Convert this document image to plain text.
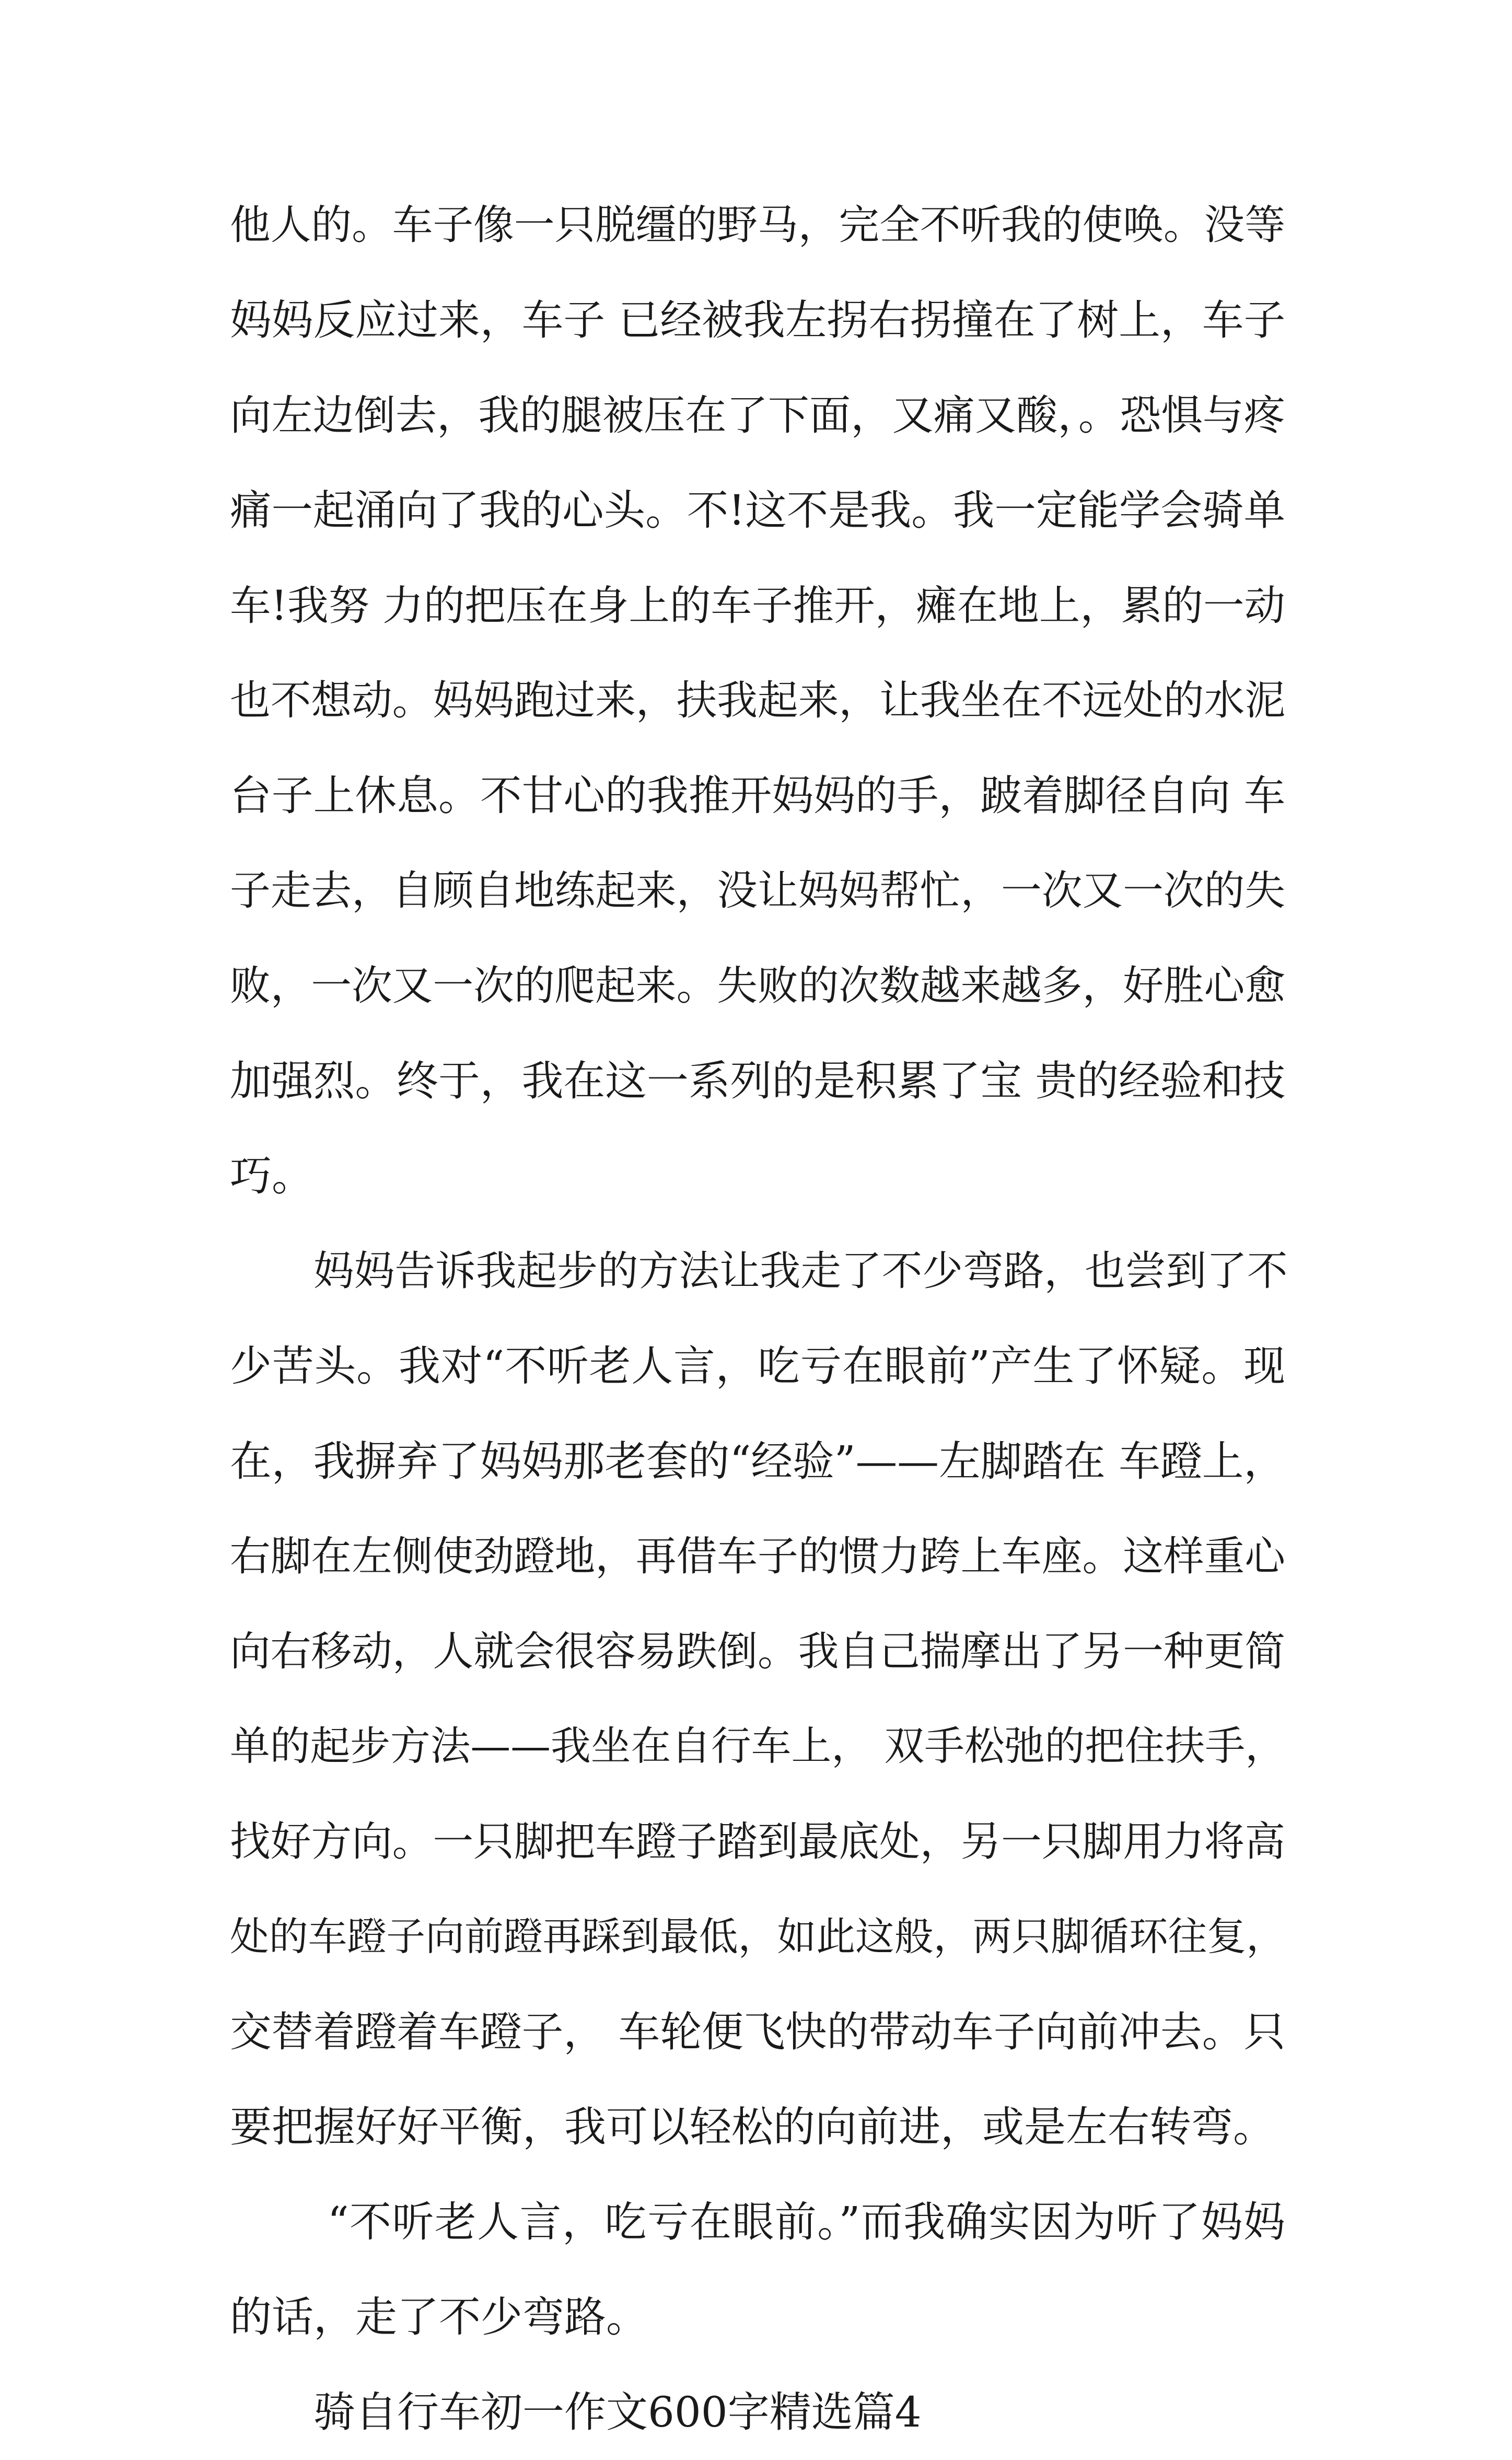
他人的。车子像一只脱缰的野马，完全不听我的使唤。没等
妈妈反应过来，车子 已经被我左拐右拐撞在了树上，车子
向左边倒去，我的腿被压在了下面，又痛又酸，。恐惧与疼
痛一起涌向了我的心头。不!这不是我。我一定能学会骑单
车!我努 力的把压在身上的车子推开，瘫在地上，累的一动
也不想动。妈妈跑过来，扶我起来，让我坐在不远处的水泥
台子上休息。不甘心的我推开妈妈的手，跛着脚径自向 车
子走去，自顾自地练起来，没让妈妈帮忙，一次又一次的失
败，一次又一次的爬起来。失败的次数越来越多，好胜心愈
加强烈。终于，我在这一系列的是积累了宝 贵的经验和技
巧。
妈妈告诉我起步的方法让我走了不少弯路，也尝到了不
少苦头。我对“不听老人言，吃亏在眼前”产生了怀疑。现
在，我摒弃了妈妈那老套的“经验”——左脚踏在 车蹬上，
右脚在左侧使劲蹬地，再借车子的惯力跨上车座。这样重心
向右移动，人就会很容易跌倒。我自己揣摩出了另一种更简
单的起步方法——我坐在自行车上， 双手松弛的把住扶手，
找好方向。一只脚把车蹬子踏到最底处，另一只脚用力将高
处的车蹬子向前蹬再踩到最低，如此这般，两只脚循环往复，
交替着蹬着车蹬子， 车轮便飞快的带动车子向前冲去。只
要把握好好平衡，我可以轻松的向前进，或是左右转弯。
“不听老人言，吃亏在眼前。”而我确实因为听了妈妈
的话，走了不少弯路。
骑自行车初一作文600字精选篇4
